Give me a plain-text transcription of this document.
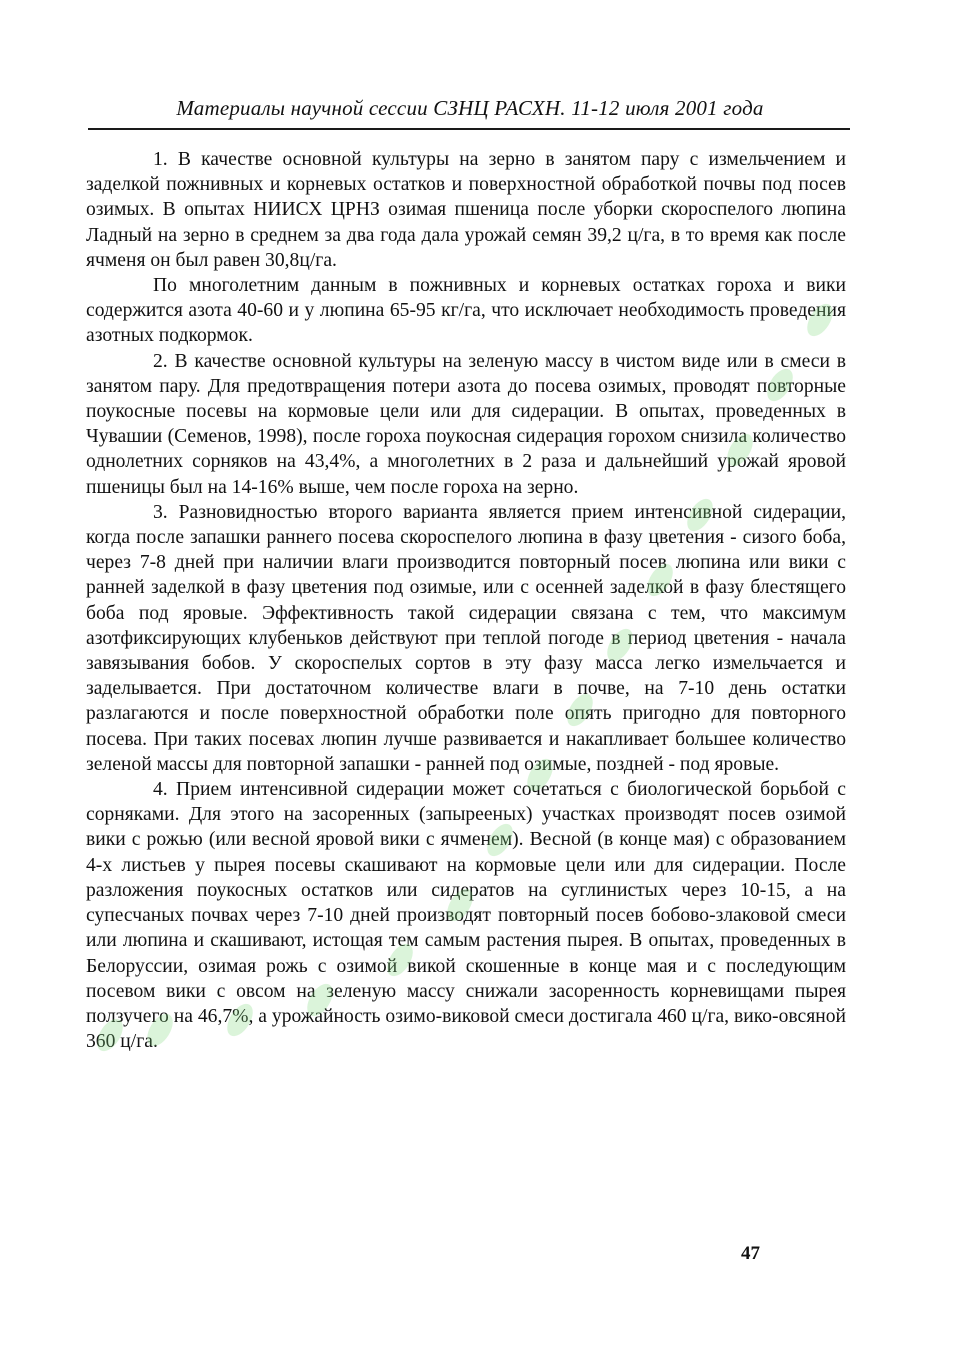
Материалы научной сессии СЗНЦ РАСХН. 11-12 июля 2001 года

1. В качестве основной культуры на зерно в занятом пару с измельчением и заделкой пожнивных и корневых остатков и поверхностной обработкой почвы под посев озимых. В опытах НИИСХ ЦРНЗ озимая пшеница после уборки скороспелого люпина Ладный на зерно в среднем за два года дала урожай семян 39,2 ц/га, в то время как после ячменя он был равен 30,8ц/га.

По многолетним данным в пожнивных и корневых остатках гороха и вики содержится азота 40-60 и у люпина 65-95 кг/га, что исключает необходимость проведения азотных подкормок.

2. В качестве основной культуры на зеленую массу в чистом виде или в смеси в занятом пару. Для предотвращения потери азота до посева озимых, проводят повторные поукосные посевы на кормовые цели или для сидерации. В опытах, проведенных в Чувашии (Семенов, 1998), после гороха поукосная сидерация горохом снизила количество однолетних сорняков на 43,4%, а многолетних в 2 раза и дальнейший урожай яровой пшеницы был на 14-16% выше, чем после гороха на зерно.

3. Разновидностью второго варианта является прием интенсивной сидерации, когда после запашки раннего посева скороспелого люпина в фазу цветения - сизого боба, через 7-8 дней при наличии влаги производится повторный посев люпина или вики с ранней заделкой в фазу цветения под озимые, или с осенней заделкой в фазу блестящего боба под яровые. Эффективность такой сидерации связана с тем, что максимум азотфиксирующих клубеньков действуют при теплой погоде в период цветения - начала завязывания бобов. У скороспелых сортов в эту фазу масса легко измельчается и заделывается. При достаточном количестве влаги в почве, на 7-10 день остатки разлагаются и после поверхностной обработки поле опять пригодно для повторного посева. При таких посевах люпин лучше развивается и накапливает большее количество зеленой массы для повторной запашки - ранней под озимые, поздней - под яровые.

4. Прием интенсивной сидерации может сочетаться с биологической борьбой с сорняками. Для этого на засоренных (запырееных) участках производят посев озимой вики с рожью (или весной яровой вики с ячменем). Весной (в конце мая) с образованием 4-х листьев у пырея посевы скашивают на кормовые цели или для сидерации. После разложения поукосных остатков или сидератов на суглинистых через 10-15, а на супесчаных почвах через 7-10 дней производят повторный посев бобово-злаковой смеси или люпина и скашивают, истощая тем самым растения пырея. В опытах, проведенных в Белоруссии, озимая рожь с озимой викой скошенные в конце мая и с последующим посевом вики с овсом на зеленую массу снижали засоренность корневищами пырея ползучего на 46,7%, а урожайность озимо-виковой смеси достигала 460 ц/га, вико-овсяной 360 ц/га.

47
